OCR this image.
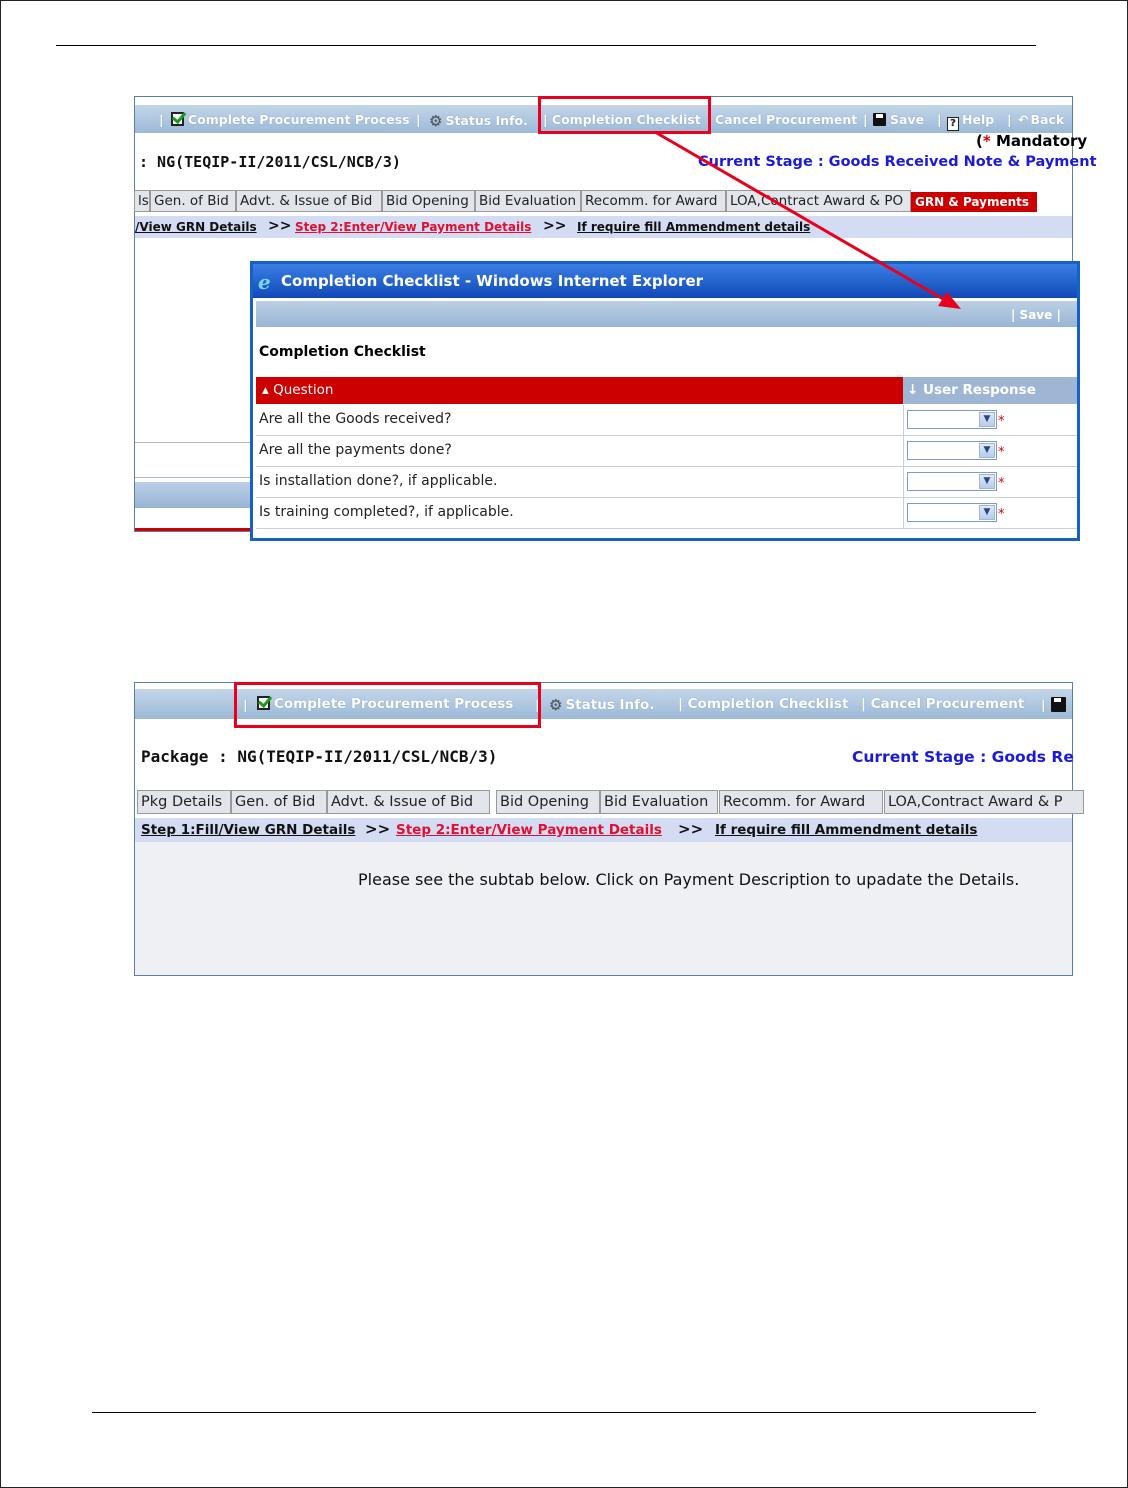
|	Complete Procurement Process | ⚙ Status Info. | Completion Checklist Cancel Procurement |	Save | ? Help | ↶ Back
(* Mandatory
: NG(TEQIP-II/2011/CSL/NCB/3)	Current Stage : Goods Received Note & Payment
ls Gen. of Bid Advt. & Issue of Bid	Bid Opening Bid Evaluation Recomm. for Award LOA,Contract Award & PO GRN & Payments
/View GRN Details >> Step 2:Enter/View Payment Details >> If require fill Ammendment details
e Completion Checklist - Windows Internet Explorer
| Save |
Completion Checklist
▴ Question	↓ User Response
Are all the Goods received?	▼ *
Are all the payments done?	▼ *
Is installation done?, if applicable.	▼ *
Is training completed?, if applicable.	▼ *
|	Complete Procurement Process | ⚙ Status Info. | Completion Checklist | Cancel Procurement |
Package : NG(TEQIP-II/2011/CSL/NCB/3)	Current Stage : Goods Re
Pkg Details Gen. of Bid	Advt. & Issue of Bid	Bid Opening	Bid Evaluation	Recomm. for Award	LOA,Contract Award & P
Step 1:Fill/View GRN Details >> Step 2:Enter/View Payment Details >> If require fill Ammendment details
Please see the subtab below. Click on Payment Description to upadate the Details.
